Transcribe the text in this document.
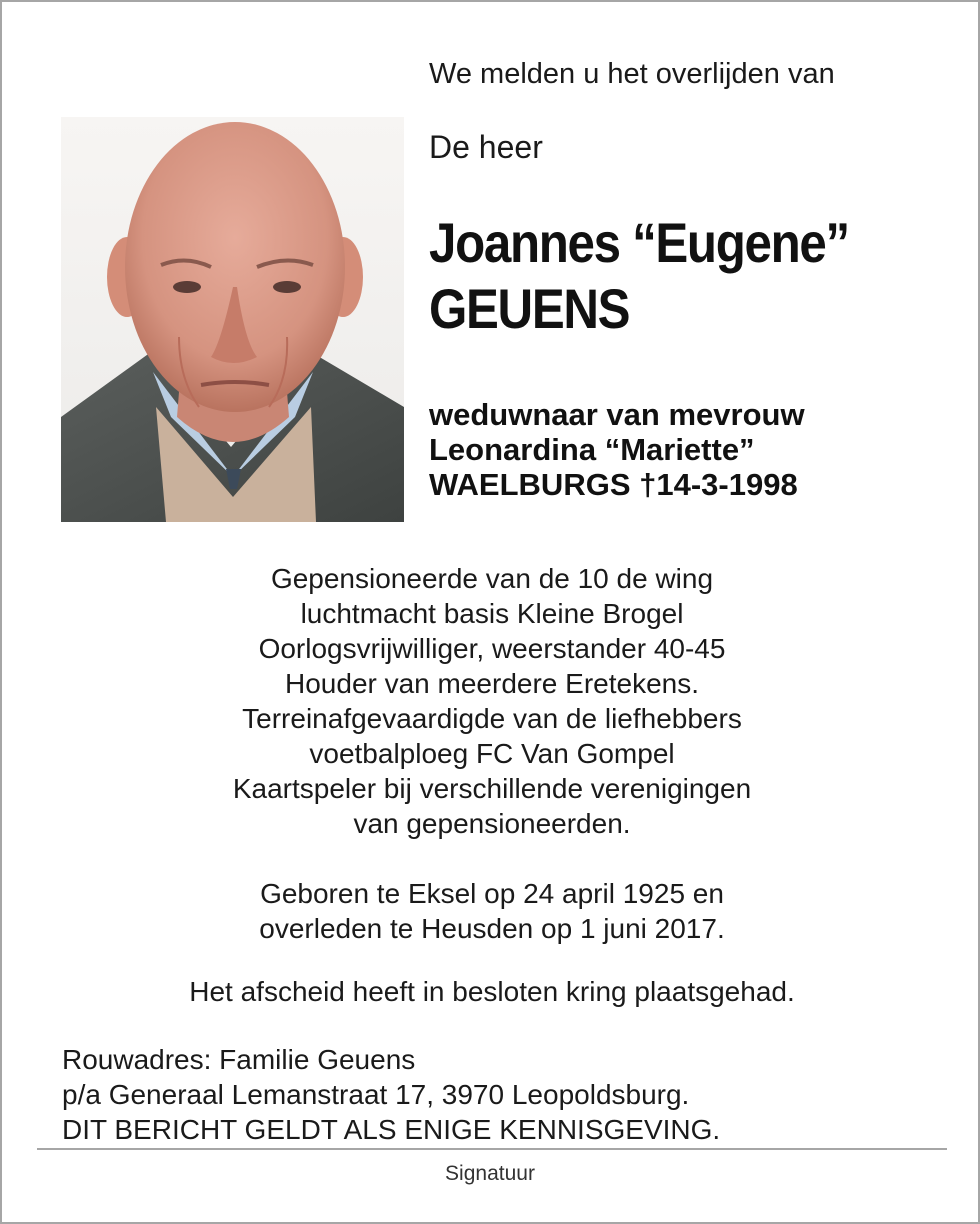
We melden u het overlijden van
De heer
Joannes “Eugene”
GEUENS
weduwnaar van mevrouw
Leonardina “Mariette”
WAELBURGS †14-3-1998
Gepensioneerde van de 10 de wing
luchtmacht basis Kleine Brogel
Oorlogsvrijwilliger, weerstander 40-45
Houder van meerdere Eretekens.
Terreinafgevaardigde van de liefhebbers
voetbalploeg FC Van Gompel
Kaartspeler bij verschillende verenigingen
van gepensioneerden.
Geboren te Eksel op 24 april 1925 en
overleden te Heusden op 1 juni 2017.
Het afscheid heeft in besloten kring plaatsgehad.
Rouwadres: Familie Geuens
p/a Generaal Lemanstraat 17, 3970 Leopoldsburg.
DIT BERICHT GELDT ALS ENIGE KENNISGEVING.
Signatuur
